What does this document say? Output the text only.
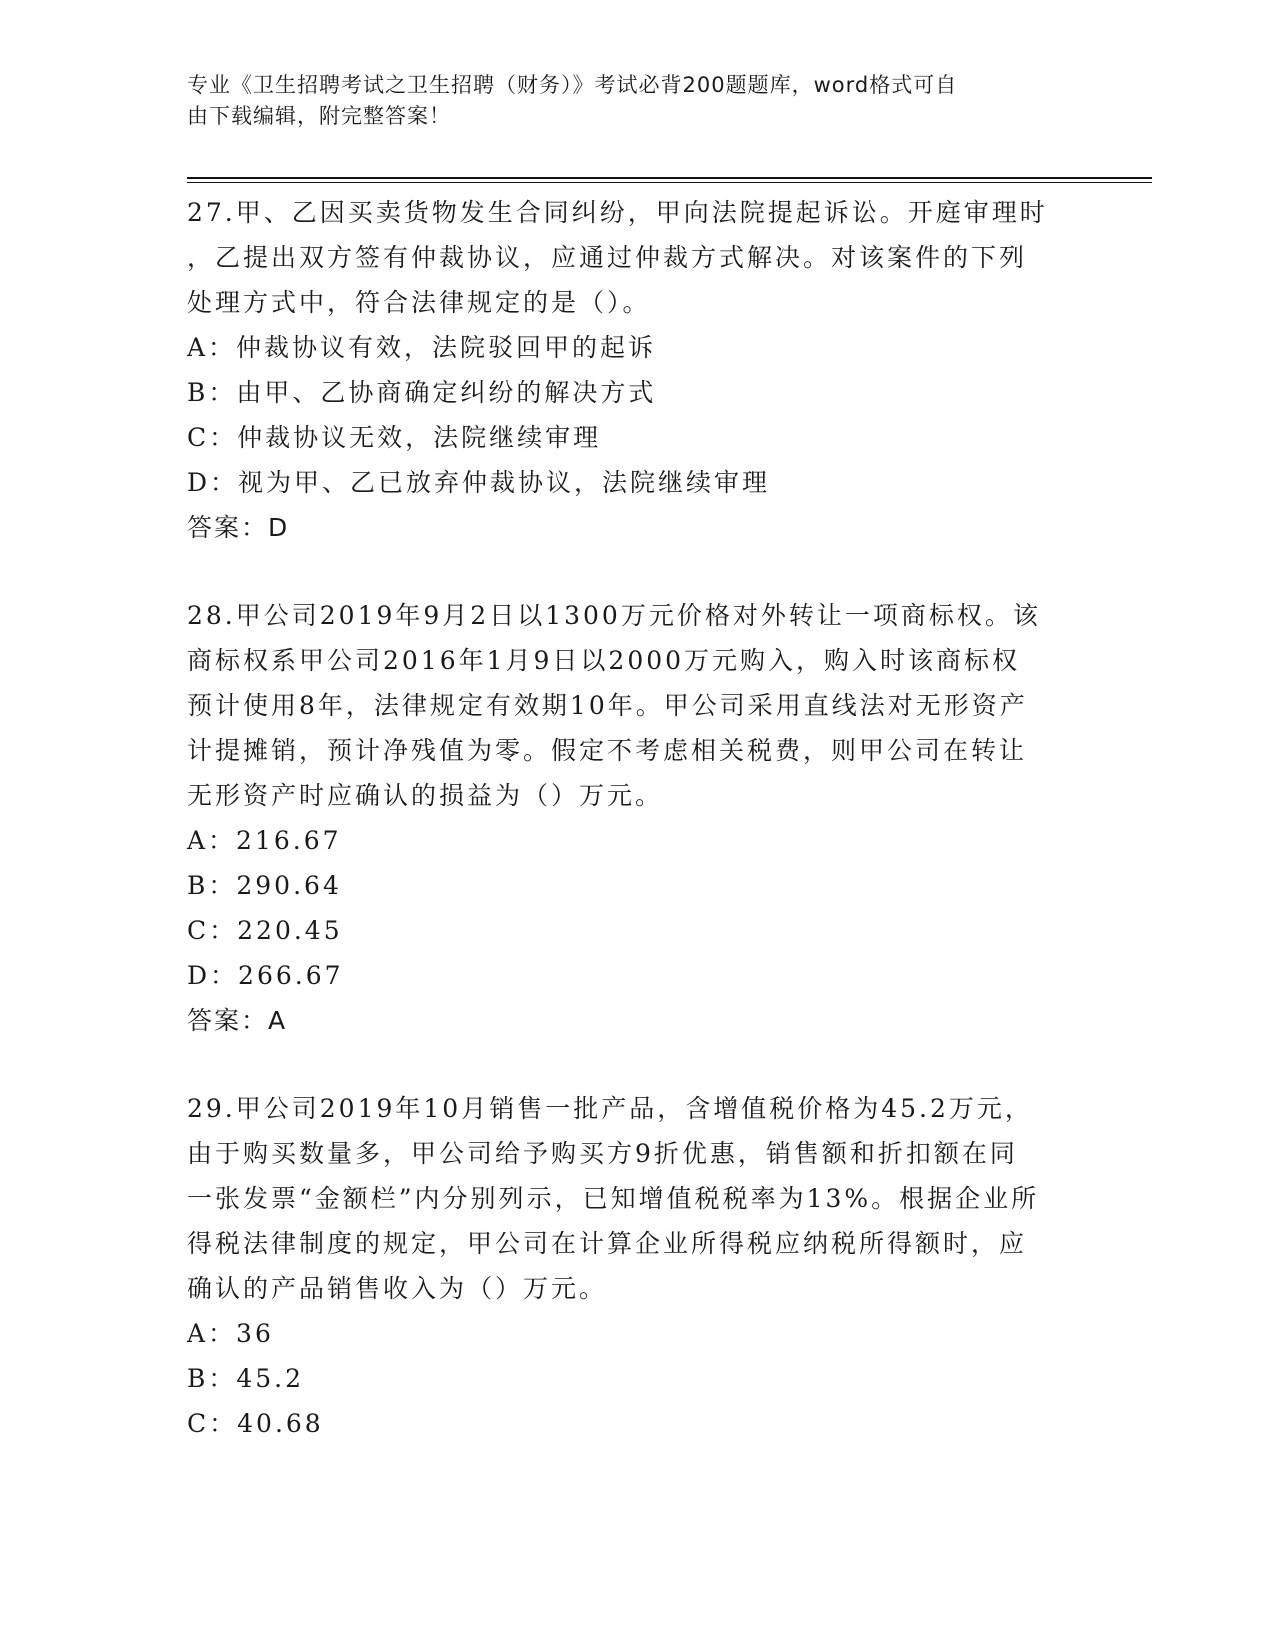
专业《卫生招聘考试之卫生招聘（财务）》考试必背200题题库，word格式可自
由下载编辑，附完整答案！
27.甲、乙因买卖货物发生合同纠纷，甲向法院提起诉讼。开庭审理时
，乙提出双方签有仲裁协议，应通过仲裁方式解决。对该案件的下列
处理方式中，符合法律规定的是（）。
A：仲裁协议有效，法院驳回甲的起诉
B：由甲、乙协商确定纠纷的解决方式
C：仲裁协议无效，法院继续审理
D：视为甲、乙已放弃仲裁协议，法院继续审理
答案：D
28.甲公司2019年9月2日以1300万元价格对外转让一项商标权。该
商标权系甲公司2016年1月9日以2000万元购入，购入时该商标权
预计使用8年，法律规定有效期10年。甲公司采用直线法对无形资产
计提摊销，预计净残值为零。假定不考虑相关税费，则甲公司在转让
无形资产时应确认的损益为（）万元。
A：216.67
B：290.64
C：220.45
D：266.67
答案：A
29.甲公司2019年10月销售一批产品，含增值税价格为45.2万元，
由于购买数量多，甲公司给予购买方9折优惠，销售额和折扣额在同
一张发票“金额栏”内分别列示，已知增值税税率为13%。根据企业所
得税法律制度的规定，甲公司在计算企业所得税应纳税所得额时，应
确认的产品销售收入为（）万元。
A：36
B：45.2
C：40.68
